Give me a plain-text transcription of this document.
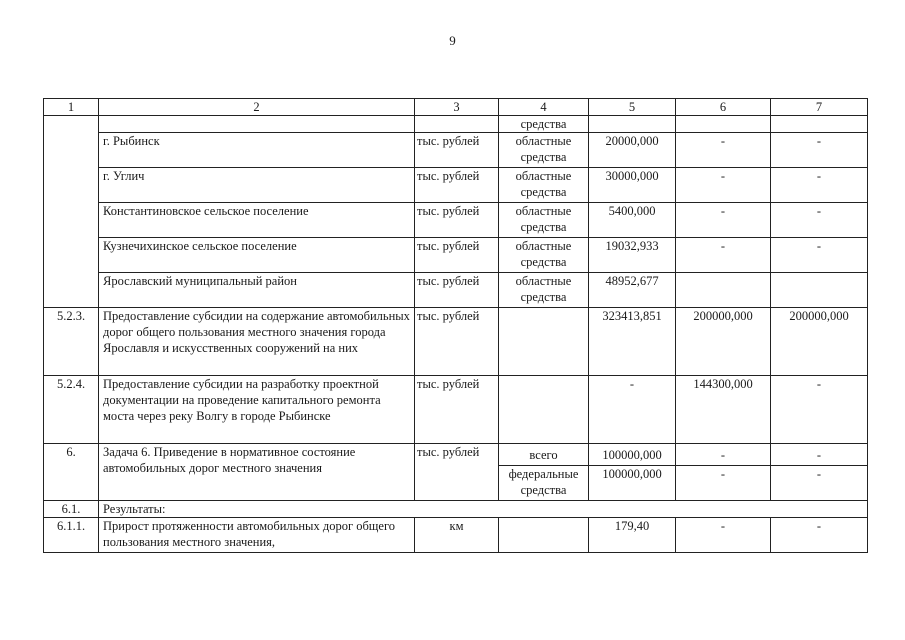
9
1	2	3	4	5	6	7
			средства			
	г. Рыбинск	тыс. рублей	областные средства	20000,000	-	-
	г. Углич	тыс. рублей	областные средства	30000,000	-	-
	Константиновское сельское поселение	тыс. рублей	областные средства	5400,000	-	-
	Кузнечихинское сельское поселение	тыс. рублей	областные средства	19032,933	-	-
	Ярославский муниципальный район	тыс. рублей	областные средства	48952,677		
5.2.3.	Предоставление субсидии на содержание автомобильных дорог общего пользования местного значения города Ярославля и искусственных сооружений на них	тыс. рублей		323413,851	200000,000	200000,000
5.2.4.	Предоставление субсидии на разработку проектной документации на проведение капитального ремонта моста через реку Волгу в городе Рыбинске	тыс. рублей		-	144300,000	-
6.	Задача 6. Приведение в нормативное состояние автомобильных дорог местного значения	тыс. рублей	всего	100000,000	-	-
			федеральные средства	100000,000	-	-
6.1.	Результаты:					
6.1.1.	Прирост протяженности автомобильных дорог общего пользования местного значения,	км		179,40	-	-
